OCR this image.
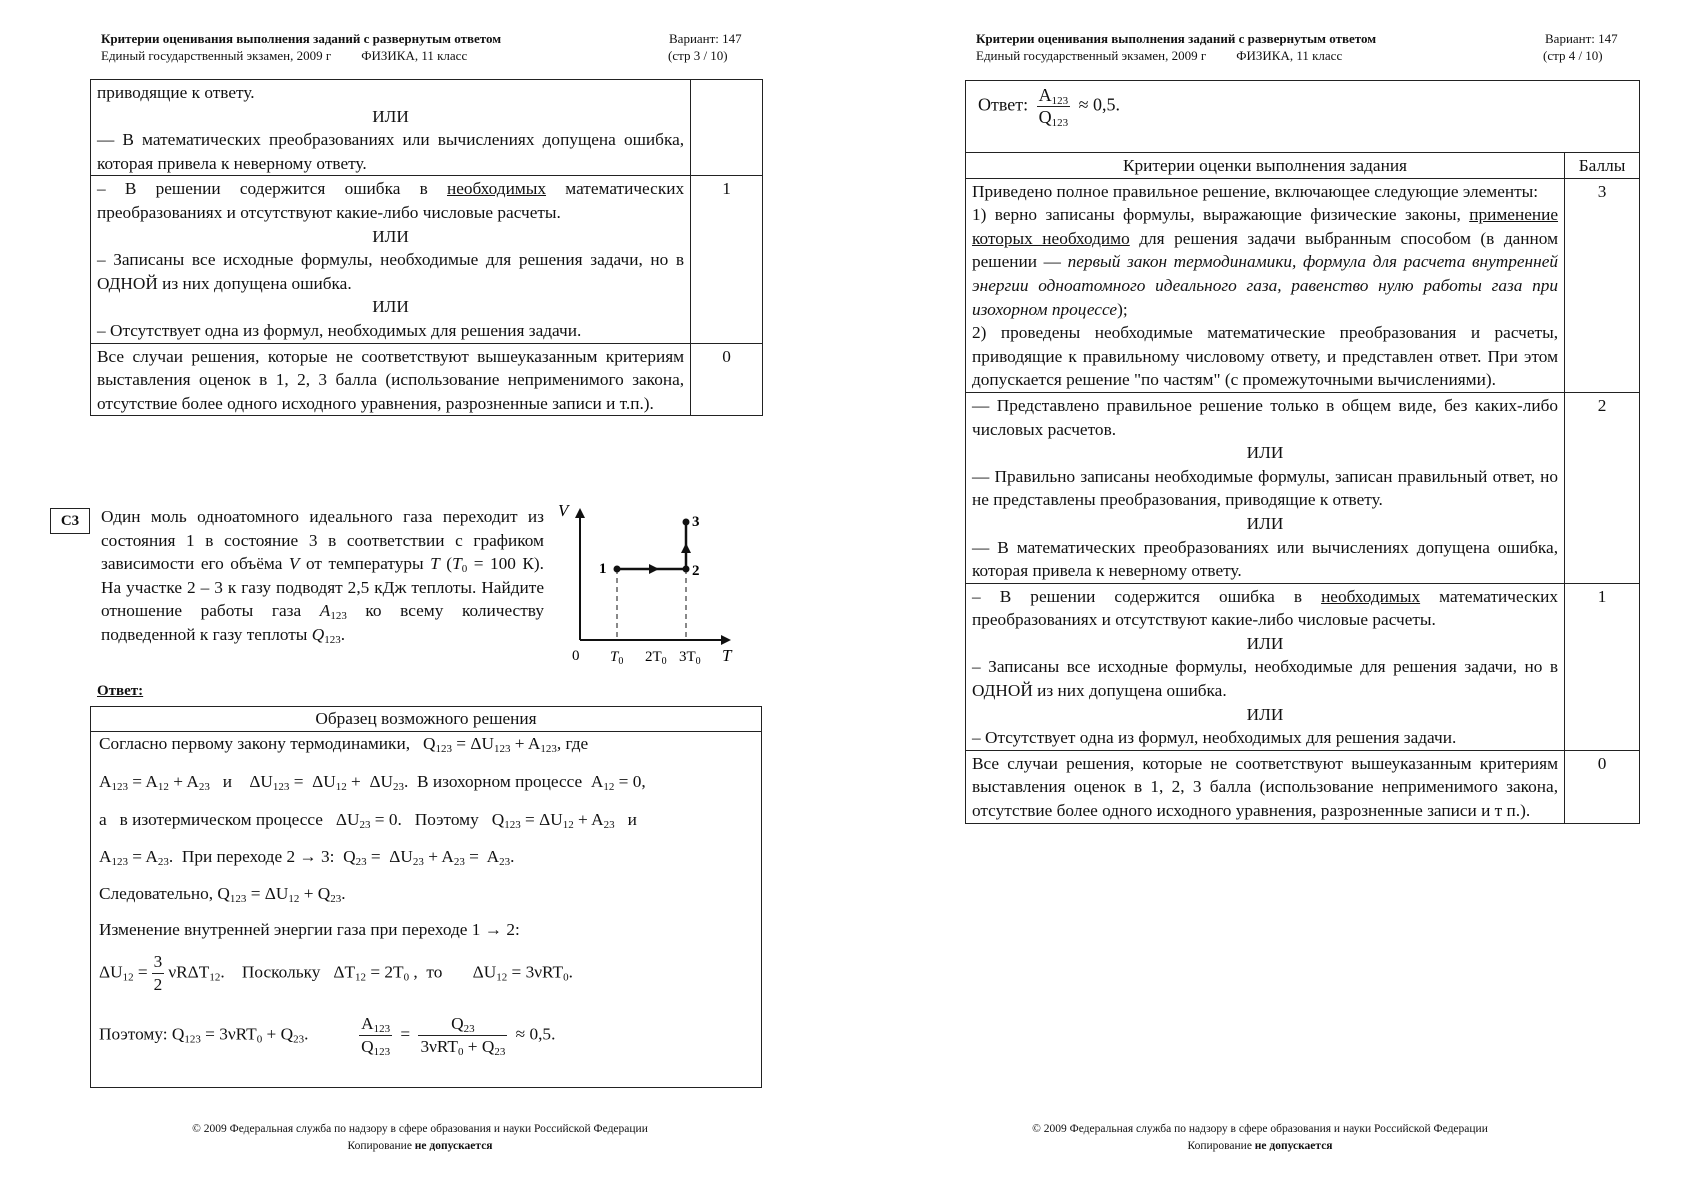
Критерии оценивания выполнения заданий с развернутым ответом
Единый государственный экзамен, 2009 г ФИЗИКА, 11 класс
Вариант: 147
(стр 3 / 10)
приводящие к ответу.
ИЛИ
— В математических преобразованиях или вычислениях допущена ошибка, которая привела к неверному ответу.	
– В решении содержится ошибка в необходимых математических преобразованиях и отсутствуют какие-либо числовые расчеты.
ИЛИ
– Записаны все исходные формулы, необходимые для решения задачи, но в ОДНОЙ из них допущена ошибка.
ИЛИ
– Отсутствует одна из формул, необходимых для решения задачи.	1
Все случаи решения, которые не соответствуют вышеуказанным критериям выставления оценок в 1, 2, 3 балла (использование неприменимого закона, отсутствие более одного исходного уравнения, разрозненные записи и т.п.).	0
C3	Один моль одноатомного идеального газа переходит из состояния 1 в состояние 3 в соответствии с графиком зависимости его объёма V от температуры T ($T_0 = 100$ К). На участке 2 – 3 к газу подводят 2,5 кДж теплоты. Найдите отношение работы газа $A_{123}$ ко всему количеству подведенной к газу теплоты $Q_{123}$.
1	2
3
V
T
0 $T_0$ $2T_0$ $3T_0$
Ответ:
Образец возможного решения
Согласно первому закону термодинамики, $Q_{123} = \Delta U_{123} + A_{123}$, где
$A_{123} = A_{12} + A_{23}$   и    $\Delta U_{123} = \Delta U_{12} + \Delta U_{23}$.  В изохорном процессе  $A_{12} = 0$,
а   в изотермическом процессе   $\Delta U_{23} = 0$.   Поэтому   $Q_{123} = \Delta U_{12} + A_{23}$   и
$A_{123} = A_{23}$.  При переходе 2 → 3:  $Q_{23} = \Delta U_{23} + A_{23} = A_{23}$.
Следовательно, $Q_{123} = \Delta U_{12} + Q_{23}$.
Изменение внутренней энергии газа при переходе 1 → 2:
$\Delta U_{12} = \frac{3}{2} \nu R\Delta T_{12}$.    Поскольку   $\Delta T_{12} = 2T_0$ ,  то       $\Delta U_{12} = 3\nu RT_0$.
Поэтому: $Q_{123} = 3\nu RT_0 + Q_{23}$.	$\frac{A_{123}}{Q_{123}} = \frac{Q_{23}}{3\nu RT_0 + Q_{23}} \approx 0,5$.
© 2009 Федеральная служба по надзору в сфере образования и науки Российской Федерации
Копирование не допускается
Критерии оценивания выполнения заданий с развернутым ответом
Единый государственный экзамен, 2009 г ФИЗИКА, 11 класс
Вариант: 147
(стр 4 / 10)
Ответ: $\frac{A_{123}}{Q_{123}} \approx 0,5$.
Критерии оценки выполнения задания	Баллы
Приведено полное правильное решение, включающее следующие элементы:
1) верно записаны формулы, выражающие физические законы, применение которых необходимо для решения задачи выбранным способом (в данном решении — первый закон термодинамики, формула для расчета внутренней энергии одноатомного идеального газа, равенство нулю работы газа при изохорном процессе);
2) проведены необходимые математические преобразования и расчеты, приводящие к правильному числовому ответу, и представлен ответ. При этом допускается решение "по частям" (с промежуточными вычислениями).	3
— Представлено правильное решение только в общем виде, без каких-либо числовых расчетов.
ИЛИ
— Правильно записаны необходимые формулы, записан правильный ответ, но не представлены преобразования, приводящие к ответу.
ИЛИ
— В математических преобразованиях или вычислениях допущена ошибка, которая привела к неверному ответу.	2
– В решении содержится ошибка в необходимых математических преобразованиях и отсутствуют какие-либо числовые расчеты.
ИЛИ
– Записаны все исходные формулы, необходимые для решения задачи, но в ОДНОЙ из них допущена ошибка.
ИЛИ
– Отсутствует одна из формул, необходимых для решения задачи.	1
Все случаи решения, которые не соответствуют вышеуказанным критериям выставления оценок в 1, 2, 3 балла (использование неприменимого закона, отсутствие более одного исходного уравнения, разрозненные записи и т п.).	0
© 2009 Федеральная служба по надзору в сфере образования и науки Российской Федерации
Копирование не допускается
